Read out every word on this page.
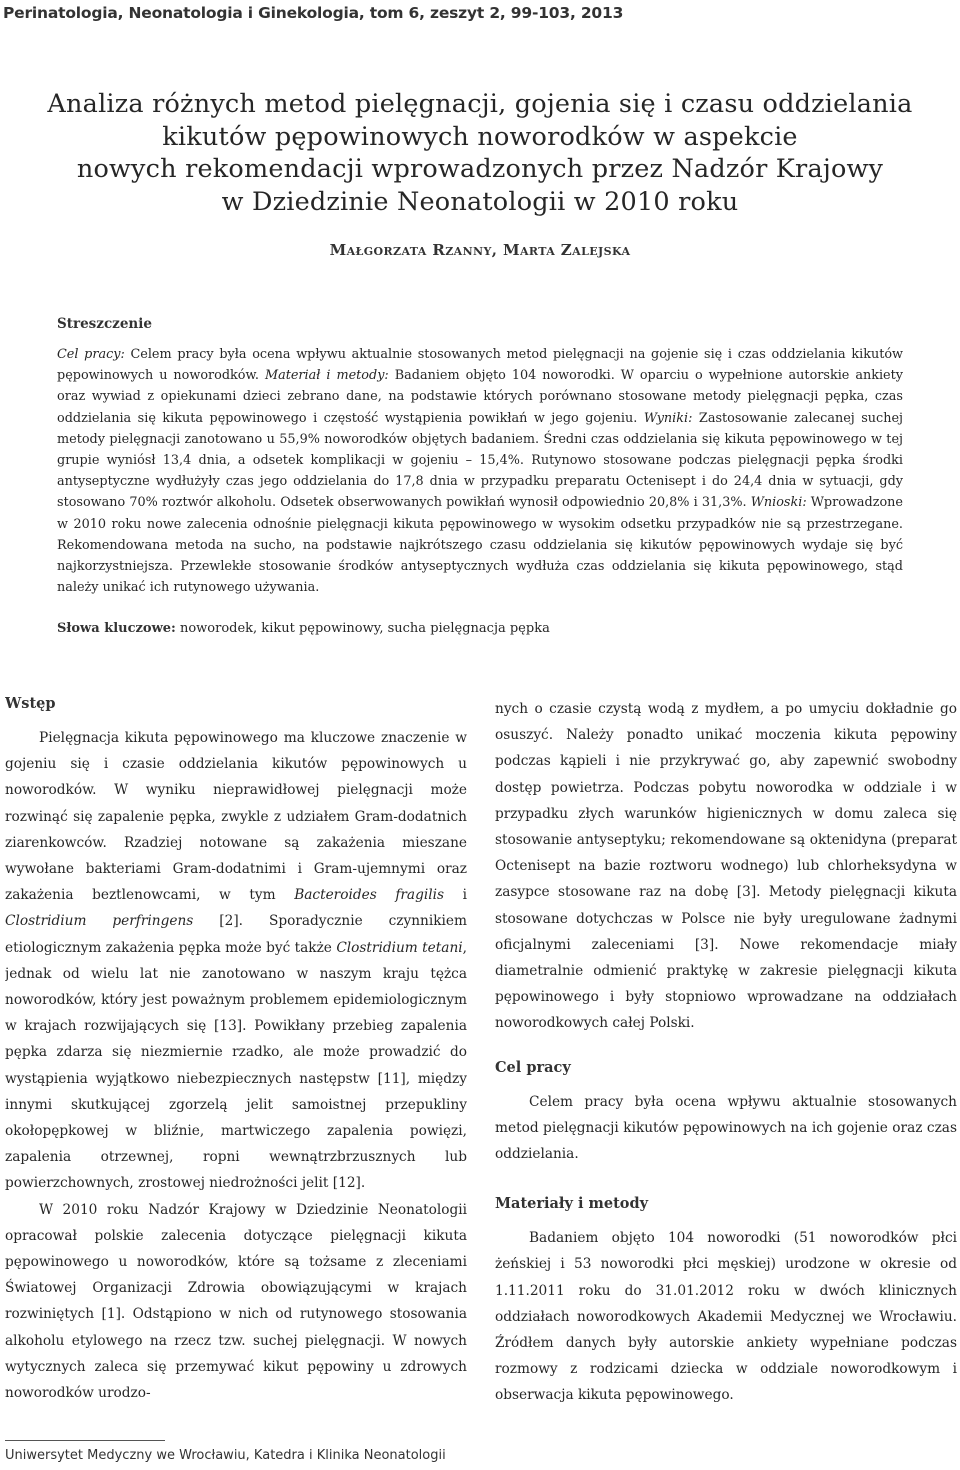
Perinatologia, Neonatologia i Ginekologia, tom 6, zeszyt 2, 99-103, 2013
Analiza różnych metod pielęgnacji, gojenia się i czasu oddzielania
kikutów pępowinowych noworodków w aspekcie
nowych rekomendacji wprowadzonych przez Nadzór Krajowy
w Dziedzinie Neonatologii w 2010 roku
Małgorzata Rzanny, Marta Zalejska
Streszczenie

Cel pracy: Celem pracy była ocena wpływu aktualnie stosowanych metod pielęgnacji na gojenie się i czas oddzielania kikutów pępowinowych u noworodków. Materiał i metody: Badaniem objęto 104 noworodki. W oparciu o wypełnione autorskie ankiety oraz wywiad z opiekunami dzieci zebrano dane, na podstawie których porównano stosowane metody pielęgnacji pępka, czas oddzielania się kikuta pępowinowego i częstość wystąpienia powikłań w jego gojeniu. Wyniki: Zastosowanie zalecanej suchej metody pielęgnacji zanotowano u 55,9% noworodków objętych badaniem. Średni czas oddzielania się kikuta pępowinowego w tej grupie wyniósł 13,4 dnia, a odsetek komplikacji w gojeniu – 15,4%. Rutynowo stosowane podczas pielęgnacji pępka środki antyseptyczne wydłużyły czas jego oddzielania do 17,8 dnia w przypadku preparatu Octenisept i do 24,4 dnia w sytuacji, gdy stosowano 70% roztwór alkoholu. Odsetek obserwowanych powikłań wynosił odpowiednio 20,8% i 31,3%. Wnioski: Wprowadzone w 2010 roku nowe zalecenia odnośnie pielęgnacji kikuta pępowinowego w wysokim odsetku przypadków nie są przestrzegane. Rekomendowana metoda na sucho, na podstawie najkrótszego czasu oddzielania się kikutów pępowinowych wydaje się być najkorzystniejsza. Przewlekłe stosowanie środków antyseptycznych wydłuża czas oddzielania się kikuta pępowinowego, stąd należy unikać ich rutynowego używania.

Słowa kluczowe: noworodek, kikut pępowinowy, sucha pielęgnacja pępka
Wstęp

Pielęgnacja kikuta pępowinowego ma kluczowe znaczenie w gojeniu się i czasie oddzielania kikutów pępowinowych u noworodków. W wyniku nieprawidłowej pielęgnacji może rozwinąć się zapalenie pępka, zwykle z udziałem Gram-dodatnich ziarenkowców. Rzadziej notowane są zakażenia mieszane wywołane bakteriami Gram-dodatnimi i Gram-ujemnymi oraz zakażenia beztlenowcami, w tym Bacteroides fragilis i Clostridium perfringens [2]. Sporadycznie czynnikiem etiologicznym zakażenia pępka może być także Clostridium tetani, jednak od wielu lat nie zanotowano w naszym kraju tężca noworodków, który jest poważnym problemem epidemiologicznym w krajach rozwijających się [13]. Powikłany przebieg zapalenia pępka zdarza się niezmiernie rzadko, ale może prowadzić do wystąpienia wyjątkowo niebezpiecznych następstw [11], między innymi skutkującej zgorzelą jelit samoistnej przepukliny okołopępkowej w bliźnie, martwiczego zapalenia powięzi, zapalenia otrzewnej, ropni wewnątrzbrzusznych lub powierzchownych, zrostowej niedrożności jelit [12].

W 2010 roku Nadzór Krajowy w Dziedzinie Neonatologii opracował polskie zalecenia dotyczące pielęgnacji kikuta pępowinowego u noworodków, które są tożsame z zleceniami Światowej Organizacji Zdrowia obowiązującymi w krajach rozwiniętych [1]. Odstąpiono w nich od rutynowego stosowania alkoholu etylowego na rzecz tzw. suchej pielęgnacji. W nowych wytycznych zaleca się przemywać kikut pępowiny u zdrowych noworodków urodzo-

nych o czasie czystą wodą z mydłem, a po umyciu dokładnie go osuszyć. Należy ponadto unikać moczenia kikuta pępowiny podczas kąpieli i nie przykrywać go, aby zapewnić swobodny dostęp powietrza. Podczas pobytu noworodka w oddziale i w przypadku złych warunków higienicznych w domu zaleca się stosowanie antyseptyku; rekomendowane są oktenidyna (preparat Octenisept na bazie roztworu wodnego) lub chlorheksydyna w zasypce stosowane raz na dobę [3]. Metody pielęgnacji kikuta stosowane dotychczas w Polsce nie były uregulowane żadnymi oficjalnymi zaleceniami [3]. Nowe rekomendacje miały diametralnie odmienić praktykę w zakresie pielęgnacji kikuta pępowinowego i były stopniowo wprowadzane na oddziałach noworodkowych całej Polski.

Cel pracy

Celem pracy była ocena wpływu aktualnie stosowanych metod pielęgnacji kikutów pępowinowych na ich gojenie oraz czas oddzielania.

Materiały i metody

Badaniem objęto 104 noworodki (51 noworodków płci żeńskiej i 53 noworodki płci męskiej) urodzone w okresie od 1.11.2011 roku do 31.01.2012 roku w dwóch klinicznych oddziałach noworodkowych Akademii Medycznej we Wrocławiu. Źródłem danych były autorskie ankiety wypełniane podczas rozmowy z rodzicami dziecka w oddziale noworodkowym i obserwacja kikuta pępowinowego.

Uniwersytet Medyczny we Wrocławiu, Katedra i Klinika Neonatologii
